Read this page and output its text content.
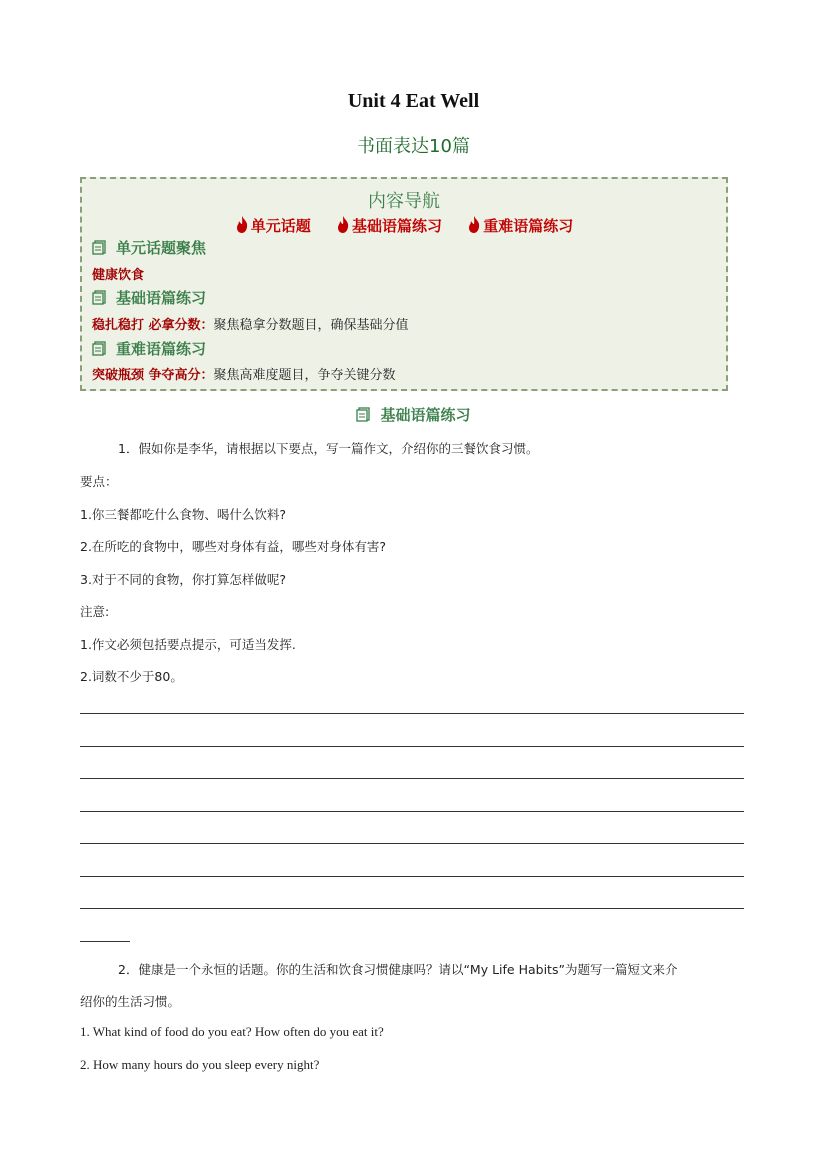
Unit 4 Eat Well
书面表达10篇
内容导航
单元话题	基础语篇练习	重难语篇练习
单元话题聚焦
健康饮食
基础语篇练习
稳扎稳打 必拿分数：聚焦稳拿分数题目，确保基础分值
重难语篇练习
突破瓶颈 争夺高分：聚焦高难度题目，争夺关键分数
基础语篇练习
1．假如你是李华，请根据以下要点，写一篇作文，介绍你的三餐饮食习惯。
要点：
1.你三餐都吃什么食物、喝什么饮料?
2.在所吃的食物中，哪些对身体有益，哪些对身体有害?
3.对于不同的食物，你打算怎样做呢?
注意:
1.作文必须包括要点提示，可适当发挥.
2.词数不少于80。
2．健康是一个永恒的话题。你的生活和饮食习惯健康吗？请以“My Life Habits”为题写一篇短文来介
绍你的生活习惯。
1. What kind of food do you eat? How often do you eat it?
2. How many hours do you sleep every night?
